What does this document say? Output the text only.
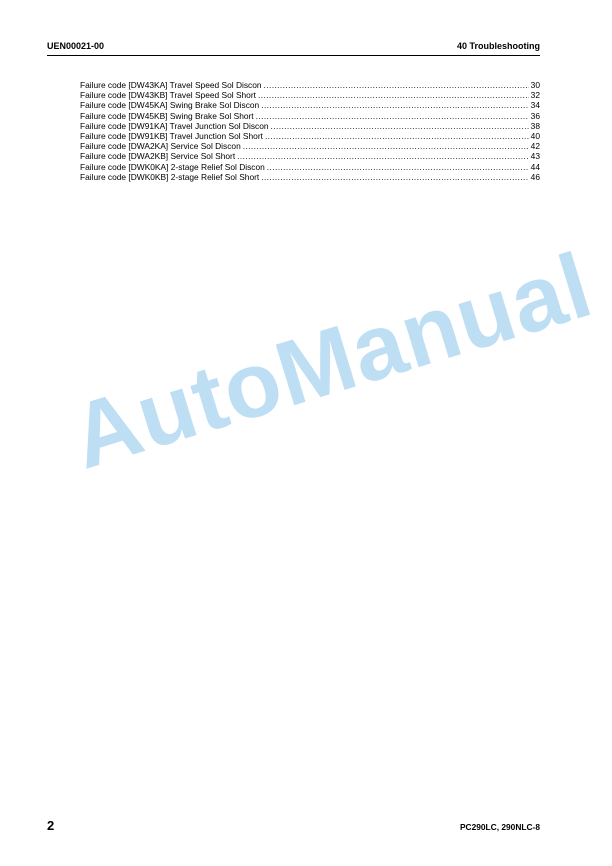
UEN00021-00	40 Troubleshooting
Failure code [DW43KA] Travel Speed Sol Discon .....	30
Failure code [DW43KB] Travel Speed Sol Short .....	32
Failure code [DW45KA] Swing Brake Sol Discon .....	34
Failure code [DW45KB] Swing Brake Sol Short .....	36
Failure code [DW91KA] Travel Junction Sol Discon .....	38
Failure code [DW91KB] Travel Junction Sol Short .....	40
Failure code [DWA2KA] Service Sol Discon .....	42
Failure code [DWA2KB] Service Sol Short .....	43
Failure code [DWK0KA] 2-stage Relief Sol Discon .....	44
Failure code [DWK0KB] 2-stage Relief Sol Short .....	46
AutoManual
2	PC290LC, 290NLC-8
